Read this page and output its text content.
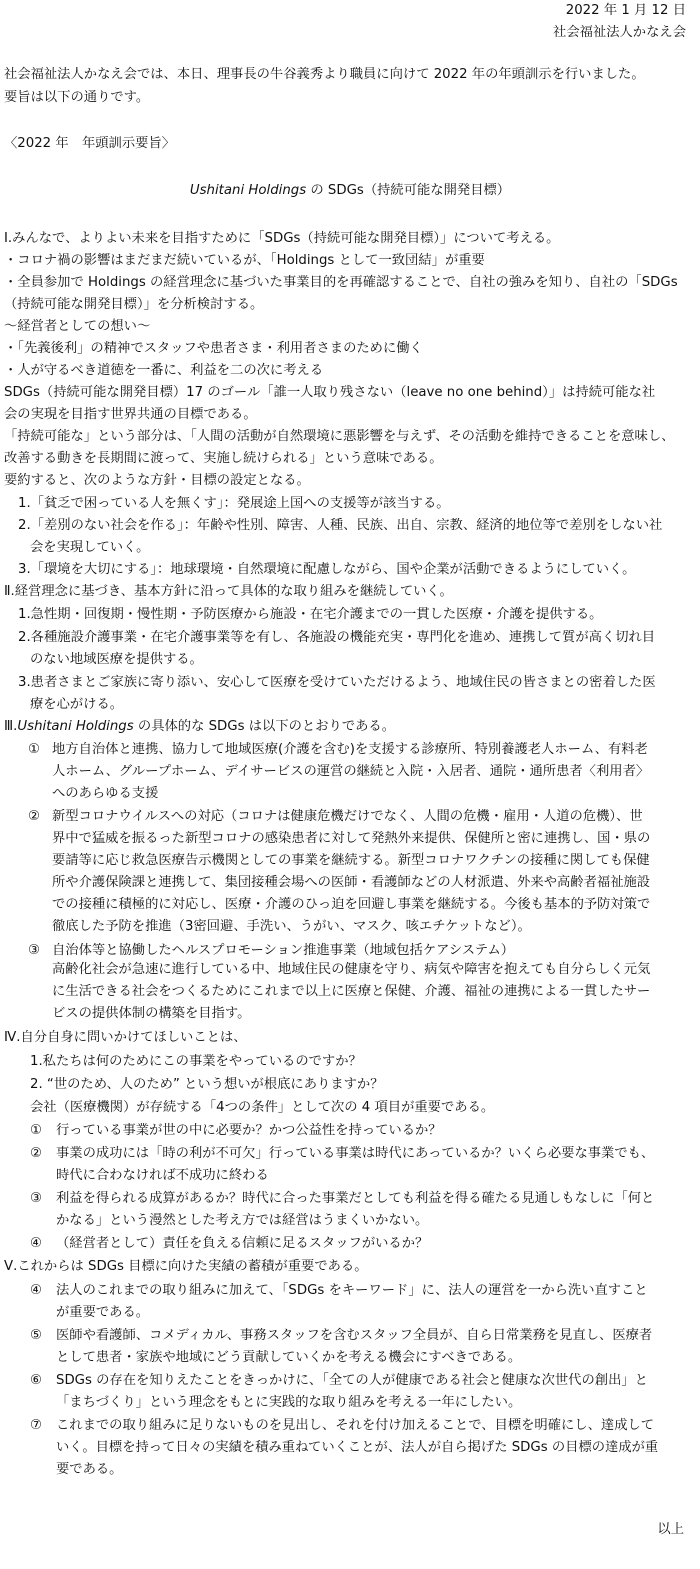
2022 年 1 月 12 日
社会福祉法人かなえ会
社会福祉法人かなえ会では、本日、理事長の牛谷義秀より職員に向けて 2022 年の年頭訓示を行いました。
要旨は以下の通りです。
〈2022 年　年頭訓示要旨〉
Ushitani Holdings の SDGs（持続可能な開発目標）
Ⅰ.みんなで、よりよい未来を目指すために「SDGs（持続可能な開発目標）」について考える。
・コロナ禍の影響はまだまだ続いているが、「Holdings として一致団結」が重要
・全員参加で Holdings の経営理念に基づいた事業目的を再確認することで、自社の強みを知り、自社の「SDGs
（持続可能な開発目標）」を分析検討する。
～経営者としての想い～
・「先義後利」の精神でスタッフや患者さま・利用者さまのために働く
・人が守るべき道徳を一番に、利益を二の次に考える
SDGs（持続可能な開発目標）17 のゴール「誰一人取り残さない（leave no one behind）」は持続可能な社
会の実現を目指す世界共通の目標である。
「持続可能な」という部分は、「人間の活動が自然環境に悪影響を与えず、その活動を維持できることを意味し、
改善する動きを長期間に渡って、実施し続けられる」という意味である。
要約すると、次のような方針・目標の設定となる。
1.「貧乏で困っている人を無くす」：発展途上国への支援等が該当する。
2.「差別のない社会を作る」：年齢や性別、障害、人種、民族、出自、宗教、経済的地位等で差別をしない社
会を実現していく。
3.「環境を大切にする」：地球環境・自然環境に配慮しながら、国や企業が活動できるようにしていく。
Ⅱ.経営理念に基づき、基本方針に沿って具体的な取り組みを継続していく。
1.急性期・回復期・慢性期・予防医療から施設・在宅介護までの一貫した医療・介護を提供する。
2.各種施設介護事業・在宅介護事業等を有し、各施設の機能充実・専門化を進め、連携して質が高く切れ目
のない地域医療を提供する。
3.患者さまとご家族に寄り添い、安心して医療を受けていただけるよう、地域住民の皆さまとの密着した医
療を心がける。
Ⅲ.Ushitani Holdings の具体的な SDGs は以下のとおりである。
① 地方自治体と連携、協力して地域医療(介護を含む)を支援する診療所、特別養護老人ホーム、有料老
人ホーム、グループホーム、デイサービスの運営の継続と入院・入居者、通院・通所患者〈利用者〉
へのあらゆる支援
② 新型コロナウイルスへの対応（コロナは健康危機だけでなく、人間の危機・雇用・人道の危機）、世
界中で猛威を振るった新型コロナの感染患者に対して発熱外来提供、保健所と密に連携し、国・県の
要請等に応じ救急医療告示機関としての事業を継続する。新型コロナワクチンの接種に関しても保健
所や介護保険課と連携して、集団接種会場への医師・看護師などの人材派遣、外来や高齢者福祉施設
での接種に積極的に対応し、医療・介護のひっ迫を回避し事業を継続する。今後も基本的予防対策で
徹底した予防を推進（3密回避、手洗い、うがい、マスク、咳エチケットなど）。
③ 自治体等と協働したヘルスプロモーション推進事業（地域包括ケアシステム）
高齢化社会が急速に進行している中、地域住民の健康を守り、病気や障害を抱えても自分らしく元気
に生活できる社会をつくるためにこれまで以上に医療と保健、介護、福祉の連携による一貫したサー
ビスの提供体制の構築を目指す。
Ⅳ.自分自身に問いかけてほしいことは、
1.私たちは何のためにこの事業をやっているのですか？
2. “世のため、人のため” という想いが根底にありますか？
会社（医療機関）が存続する「4つの条件」として次の 4 項目が重要である。
① 行っている事業が世の中に必要か？かつ公益性を持っているか？
② 事業の成功には「時の利が不可欠」行っている事業は時代にあっているか？いくら必要な事業でも、
時代に合わなければ不成功に終わる
③ 利益を得られる成算があるか？時代に合った事業だとしても利益を得る確たる見通しもなしに「何と
かなる」という漫然とした考え方では経営はうまくいかない。
④ （経営者として）責任を負える信頼に足るスタッフがいるか？
Ⅴ.これからは SDGs 目標に向けた実績の蓄積が重要である。
④ 法人のこれまでの取り組みに加えて、「SDGs をキーワード」に、法人の運営を一から洗い直すこと
が重要である。
⑤ 医師や看護師、コメディカル、事務スタッフを含むスタッフ全員が、自ら日常業務を見直し、医療者
として患者・家族や地域にどう貢献していくかを考える機会にすべきである。
⑥ SDGs の存在を知りえたことをきっかけに、「全ての人が健康である社会と健康な次世代の創出」と
「まちづくり」という理念をもとに実践的な取り組みを考える一年にしたい。
⑦ これまでの取り組みに足りないものを見出し、それを付け加えることで、目標を明確にし、達成して
いく。目標を持って日々の実績を積み重ねていくことが、法人が自ら掲げた SDGs の目標の達成が重
要である。
以上
